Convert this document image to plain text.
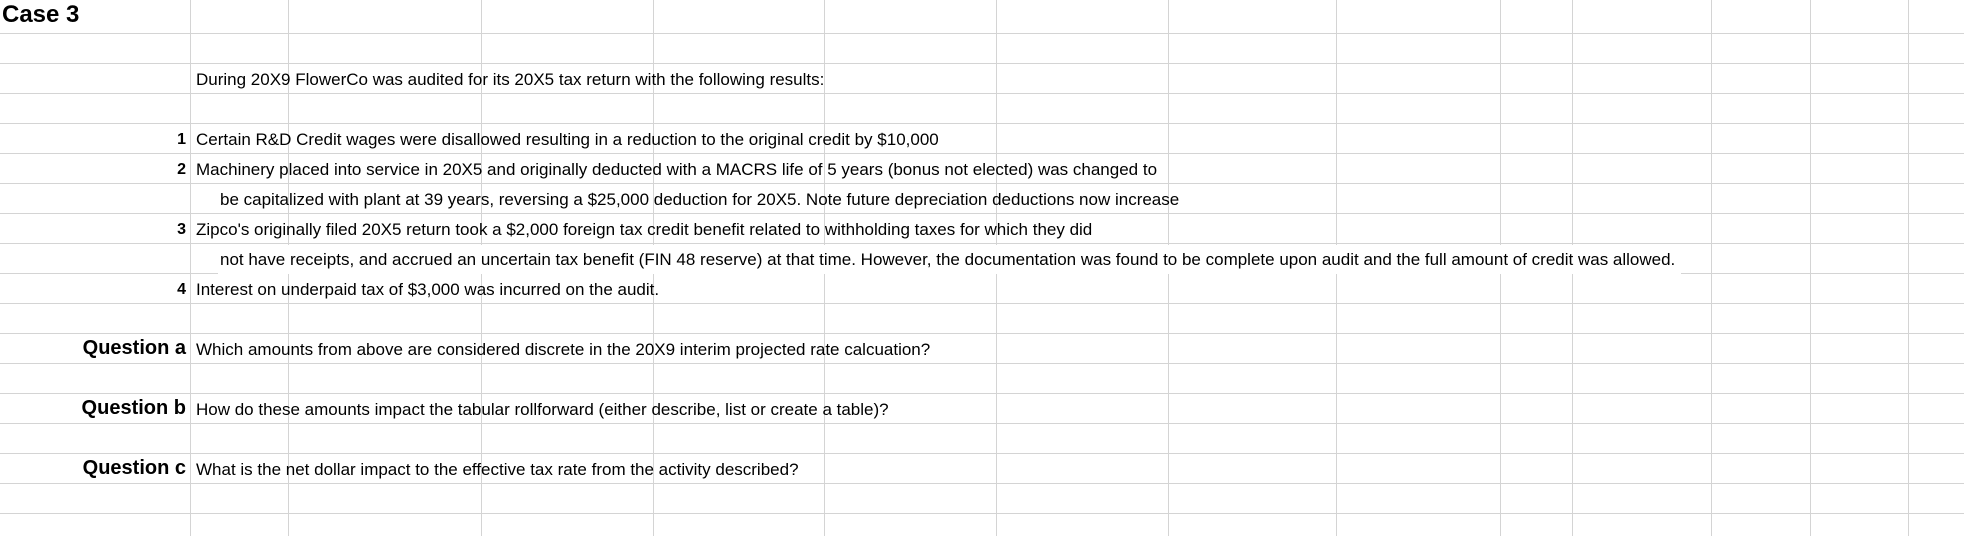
Case 3
During 20X9 FlowerCo was audited for its 20X5 tax return with the following results:
1 Certain R&D Credit wages were disallowed resulting in a reduction to the original credit by $10,000
2 Machinery placed into service in 20X5 and originally deducted with a MACRS life of 5 years (bonus not elected) was changed to
be capitalized with plant at 39 years, reversing a $25,000 deduction for 20X5. Note future depreciation deductions now increase
3 Zipco's originally filed 20X5 return took a $2,000 foreign tax credit benefit related to withholding taxes for which they did
not have receipts, and accrued an uncertain tax benefit (FIN 48 reserve) at that time. However, the documentation was found to be complete upon audit and the full amount of credit was allowed.
4 Interest on underpaid tax of $3,000 was incurred on the audit.
Question a Which amounts from above are considered discrete in the 20X9 interim projected rate calcuation?
Question b How do these amounts impact the tabular rollforward (either describe, list or create a table)?
Question c What is the net dollar impact to the effective tax rate from the activity described?
